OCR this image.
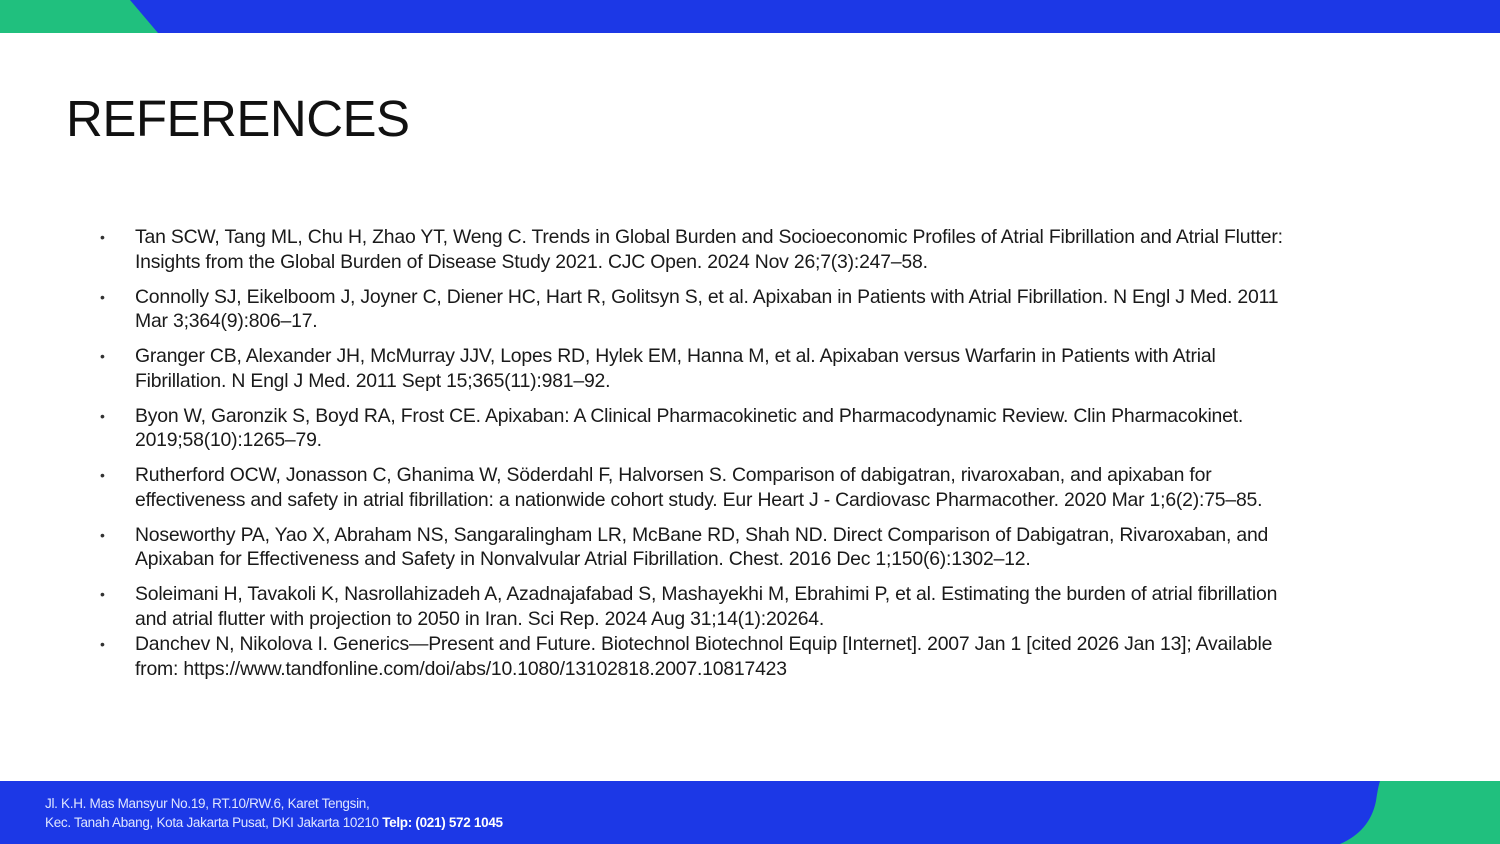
REFERENCES
• Tan SCW, Tang ML, Chu H, Zhao YT, Weng C. Trends in Global Burden and Socioeconomic Profiles of Atrial Fibrillation and Atrial Flutter:
Insights from the Global Burden of Disease Study 2021. CJC Open. 2024 Nov 26;7(3):247–58.
• Connolly SJ, Eikelboom J, Joyner C, Diener HC, Hart R, Golitsyn S, et al. Apixaban in Patients with Atrial Fibrillation. N Engl J Med. 2011
Mar 3;364(9):806–17.
• Granger CB, Alexander JH, McMurray JJV, Lopes RD, Hylek EM, Hanna M, et al. Apixaban versus Warfarin in Patients with Atrial
Fibrillation. N Engl J Med. 2011 Sept 15;365(11):981–92.
• Byon W, Garonzik S, Boyd RA, Frost CE. Apixaban: A Clinical Pharmacokinetic and Pharmacodynamic Review. Clin Pharmacokinet.
2019;58(10):1265–79.
• Rutherford OCW, Jonasson C, Ghanima W, Söderdahl F, Halvorsen S. Comparison of dabigatran, rivaroxaban, and apixaban for
effectiveness and safety in atrial fibrillation: a nationwide cohort study. Eur Heart J - Cardiovasc Pharmacother. 2020 Mar 1;6(2):75–85.
• Noseworthy PA, Yao X, Abraham NS, Sangaralingham LR, McBane RD, Shah ND. Direct Comparison of Dabigatran, Rivaroxaban, and
Apixaban for Effectiveness and Safety in Nonvalvular Atrial Fibrillation. Chest. 2016 Dec 1;150(6):1302–12.
• Soleimani H, Tavakoli K, Nasrollahizadeh A, Azadnajafabad S, Mashayekhi M, Ebrahimi P, et al. Estimating the burden of atrial fibrillation
and atrial flutter with projection to 2050 in Iran. Sci Rep. 2024 Aug 31;14(1):20264.
• Danchev N, Nikolova I. Generics—Present and Future. Biotechnol Biotechnol Equip [Internet]. 2007 Jan 1 [cited 2026 Jan 13]; Available
from: https://www.tandfonline.com/doi/abs/10.1080/13102818.2007.10817423
Jl. K.H. Mas Mansyur No.19, RT.10/RW.6, Karet Tengsin,
Kec. Tanah Abang, Kota Jakarta Pusat, DKI Jakarta 10210 Telp: (021) 572 1045
